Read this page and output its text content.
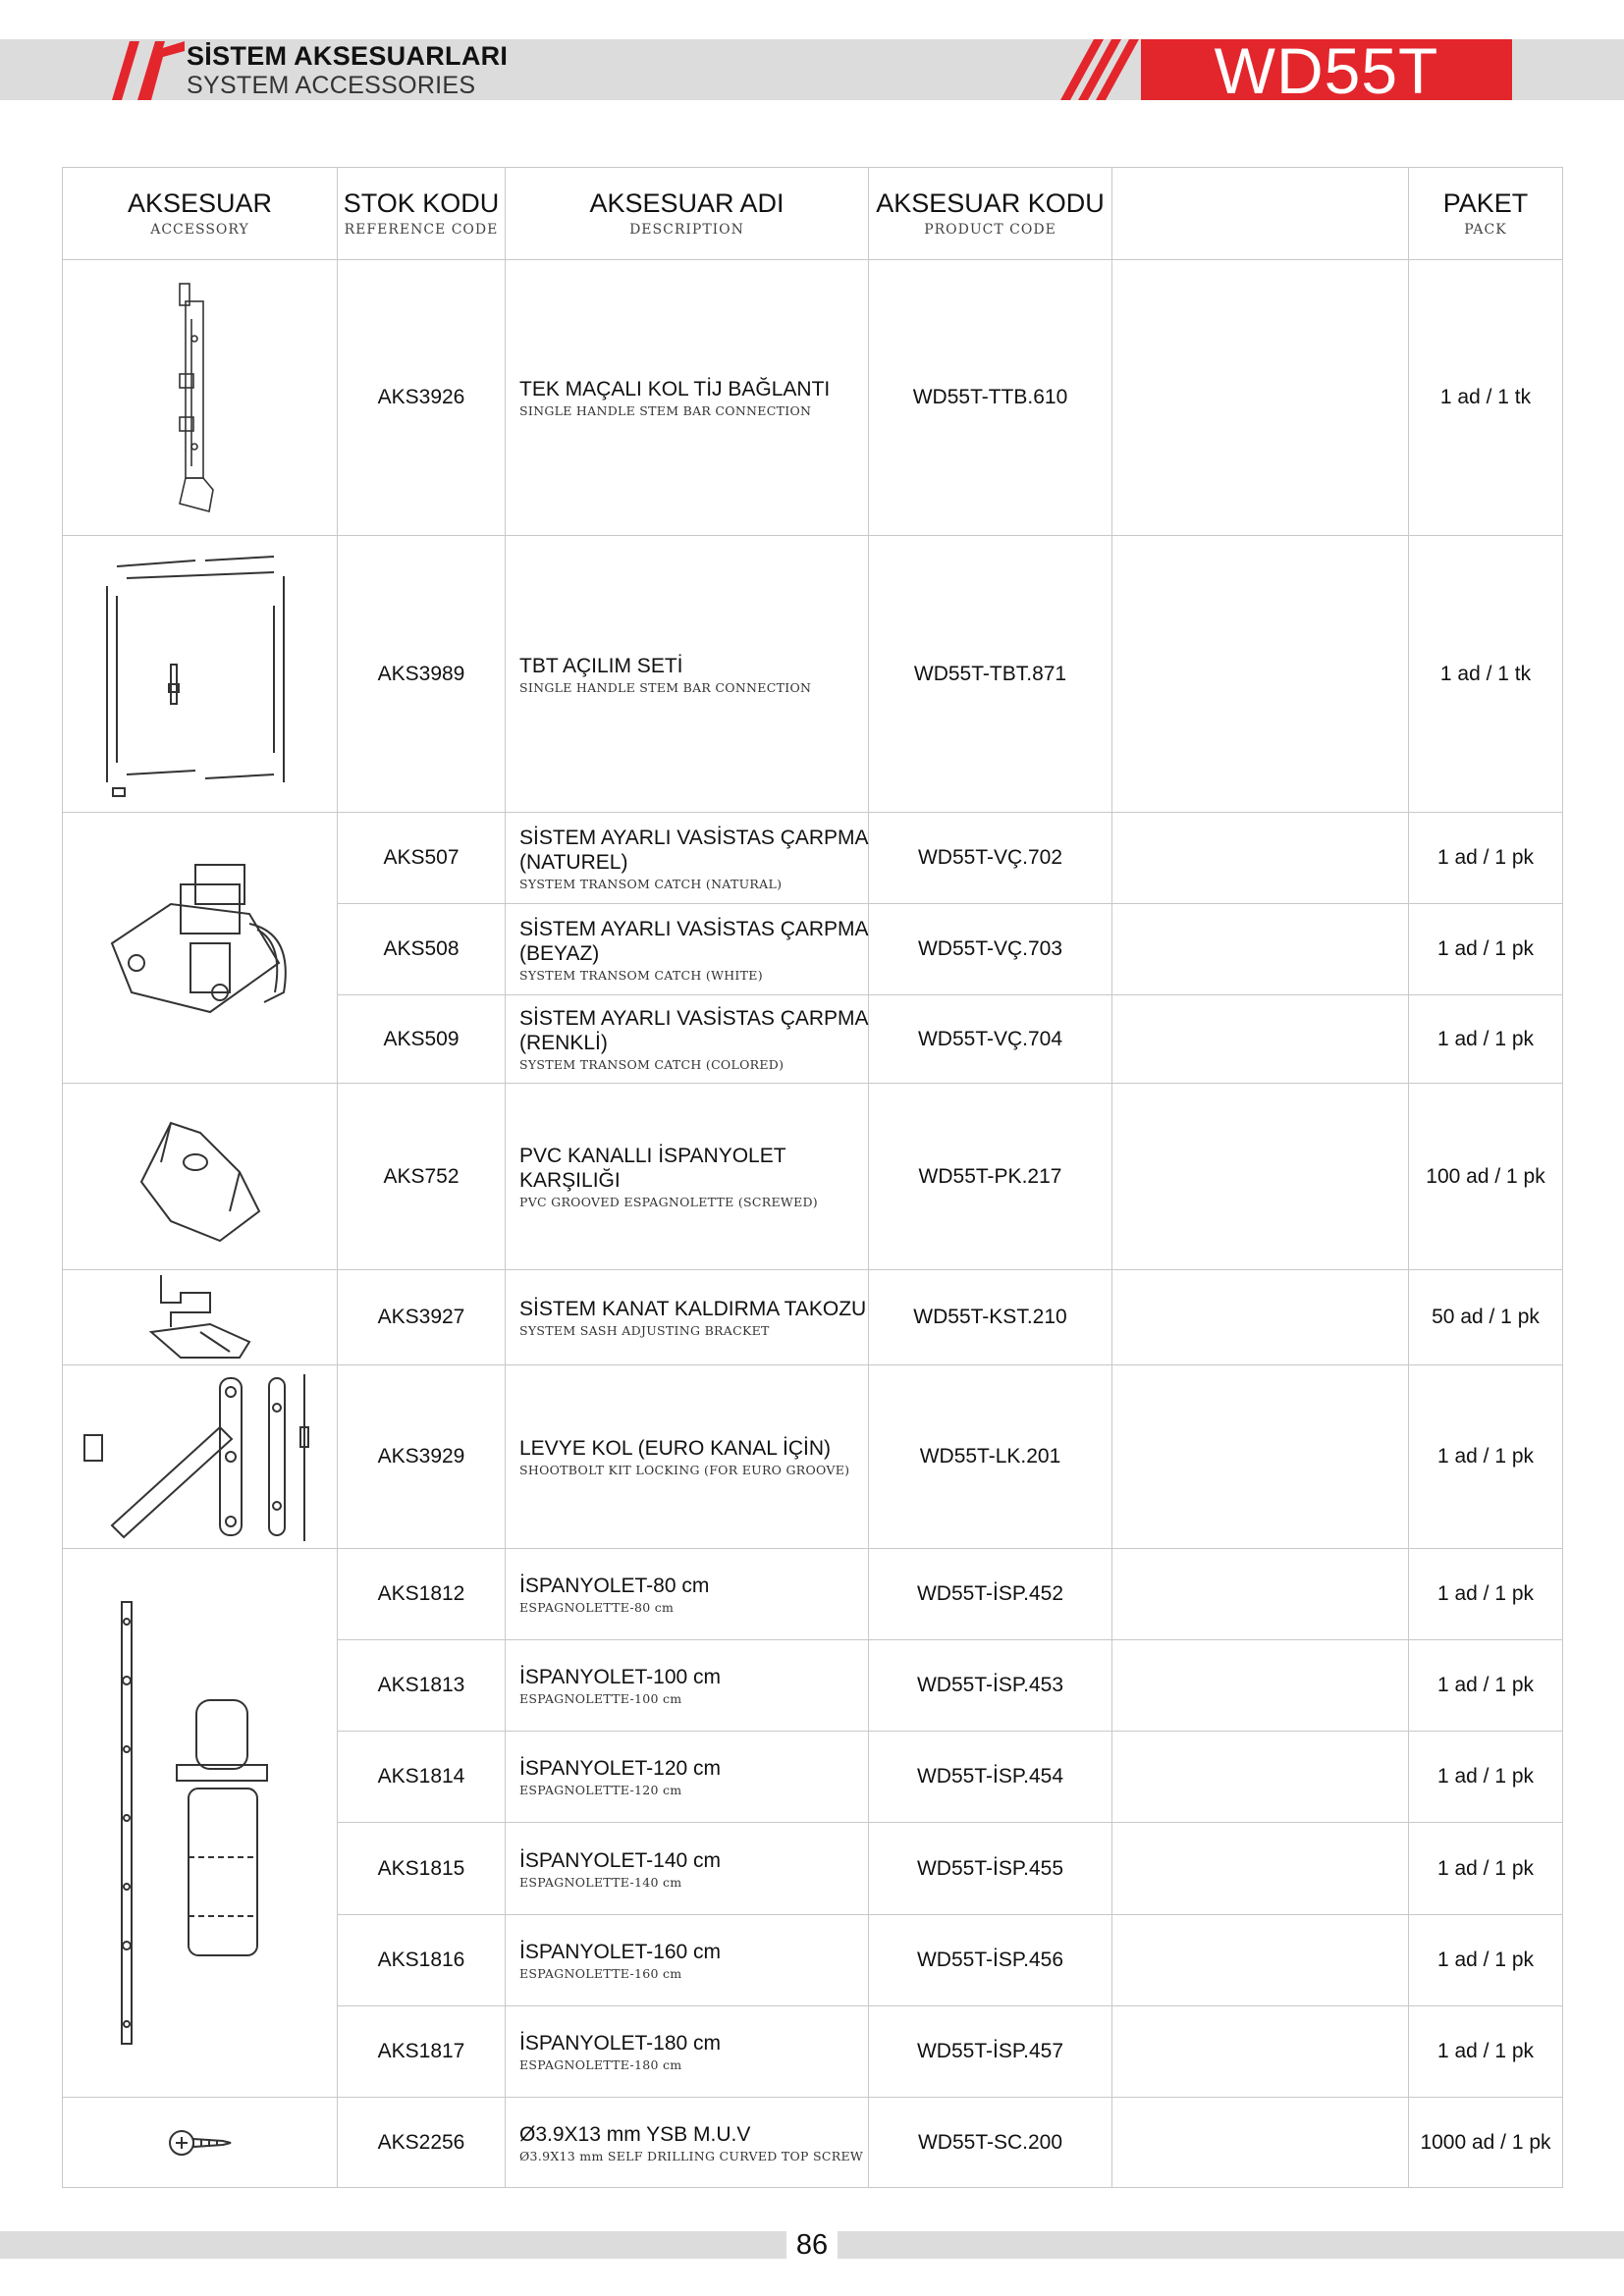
SİSTEM AKSESUARLARI
SYSTEM ACCESSORIES	WD55T
AKSESUAR
ACCESSORY	STOK KODU
REFERENCE CODE	AKSESUAR ADI
DESCRIPTION	AKSESUAR KODU
PRODUCT CODE		PAKET
PACK

	AKS3926	TEK MAÇALI KOL TİJ BAĞLANTI
SINGLE HANDLE STEM BAR CONNECTION	WD55T-TTB.610		1 ad / 1 tk

	AKS3989	TBT AÇILIM SETİ
SINGLE HANDLE STEM BAR CONNECTION	WD55T-TBT.871		1 ad / 1 tk

	AKS507	SİSTEM AYARLI VASİSTAS ÇARPMA (NATUREL)
SYSTEM TRANSOM CATCH (NATURAL)	WD55T-VÇ.702		1 ad / 1 pk
	AKS508	SİSTEM AYARLI VASİSTAS ÇARPMA (BEYAZ)
SYSTEM TRANSOM CATCH (WHITE)	WD55T-VÇ.703		1 ad / 1 pk
	AKS509	SİSTEM AYARLI VASİSTAS ÇARPMA (RENKLİ)
SYSTEM TRANSOM CATCH (COLORED)	WD55T-VÇ.704		1 ad / 1 pk

	AKS752	PVC KANALLI İSPANYOLET KARŞILIĞI
PVC GROOVED ESPAGNOLETTE (SCREWED)	WD55T-PK.217		100 ad / 1 pk

	AKS3927	SİSTEM KANAT KALDIRMA TAKOZU
SYSTEM SASH ADJUSTING BRACKET	WD55T-KST.210		50 ad / 1 pk

	AKS3929	LEVYE KOL (EURO KANAL İÇİN)
SHOOTBOLT KIT LOCKING (FOR EURO GROOVE)	WD55T-LK.201		1 ad / 1 pk

	AKS1812	İSPANYOLET-80 cm
ESPAGNOLETTE-80 cm	WD55T-İSP.452		1 ad / 1 pk
	AKS1813	İSPANYOLET-100 cm
ESPAGNOLETTE-100 cm	WD55T-İSP.453		1 ad / 1 pk
	AKS1814	İSPANYOLET-120 cm
ESPAGNOLETTE-120 cm	WD55T-İSP.454		1 ad / 1 pk
	AKS1815	İSPANYOLET-140 cm
ESPAGNOLETTE-140 cm	WD55T-İSP.455		1 ad / 1 pk
	AKS1816	İSPANYOLET-160 cm
ESPAGNOLETTE-160 cm	WD55T-İSP.456		1 ad / 1 pk
	AKS1817	İSPANYOLET-180 cm
ESPAGNOLETTE-180 cm	WD55T-İSP.457		1 ad / 1 pk

	AKS2256	Ø3.9X13 mm YSB M.U.V
Ø3.9X13 mm SELF DRILLING CURVED TOP SCREW	WD55T-SC.200		1000 ad / 1 pk
86
